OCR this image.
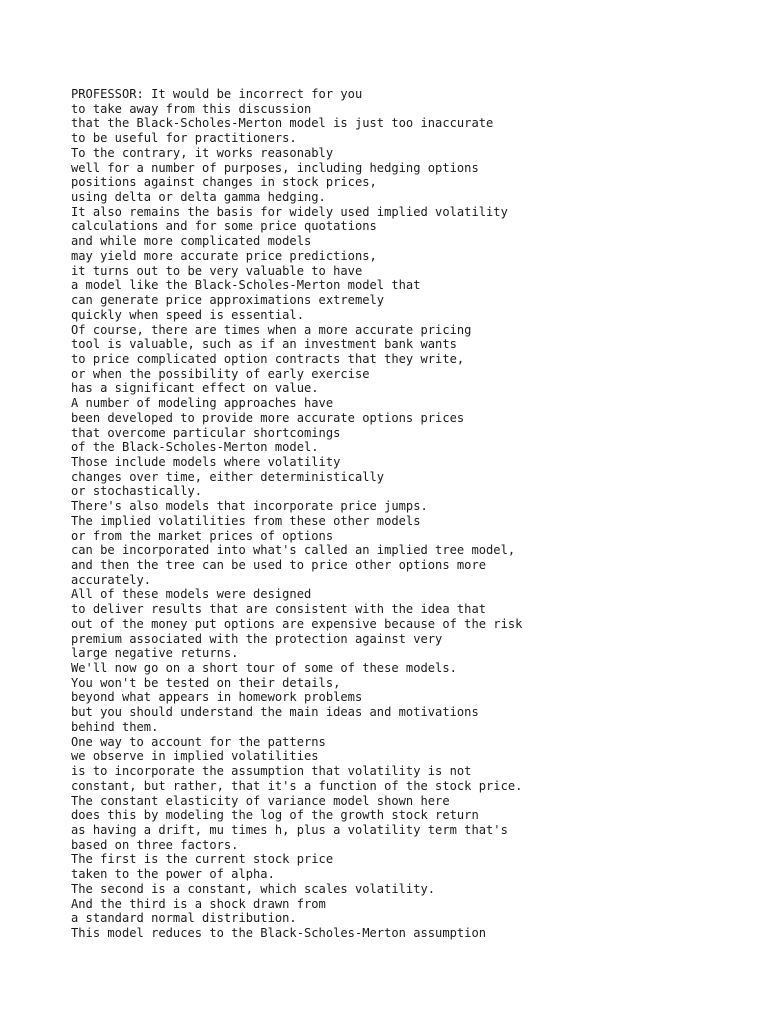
PROFESSOR: It would be incorrect for you
to take away from this discussion
that the Black-Scholes-Merton model is just too inaccurate
to be useful for practitioners.
To the contrary, it works reasonably
well for a number of purposes, including hedging options
positions against changes in stock prices,
using delta or delta gamma hedging.
It also remains the basis for widely used implied volatility
calculations and for some price quotations
and while more complicated models
may yield more accurate price predictions,
it turns out to be very valuable to have
a model like the Black-Scholes-Merton model that
can generate price approximations extremely
quickly when speed is essential.
Of course, there are times when a more accurate pricing
tool is valuable, such as if an investment bank wants
to price complicated option contracts that they write,
or when the possibility of early exercise
has a significant effect on value.
A number of modeling approaches have
been developed to provide more accurate options prices
that overcome particular shortcomings
of the Black-Scholes-Merton model.
Those include models where volatility
changes over time, either deterministically
or stochastically.
There's also models that incorporate price jumps.
The implied volatilities from these other models
or from the market prices of options
can be incorporated into what's called an implied tree model,
and then the tree can be used to price other options more
accurately.
All of these models were designed
to deliver results that are consistent with the idea that
out of the money put options are expensive because of the risk
premium associated with the protection against very
large negative returns.
We'll now go on a short tour of some of these models.
You won't be tested on their details,
beyond what appears in homework problems
but you should understand the main ideas and motivations
behind them.
One way to account for the patterns
we observe in implied volatilities
is to incorporate the assumption that volatility is not
constant, but rather, that it's a function of the stock price.
The constant elasticity of variance model shown here
does this by modeling the log of the growth stock return
as having a drift, mu times h, plus a volatility term that's
based on three factors.
The first is the current stock price
taken to the power of alpha.
The second is a constant, which scales volatility.
And the third is a shock drawn from
a standard normal distribution.
This model reduces to the Black-Scholes-Merton assumption
